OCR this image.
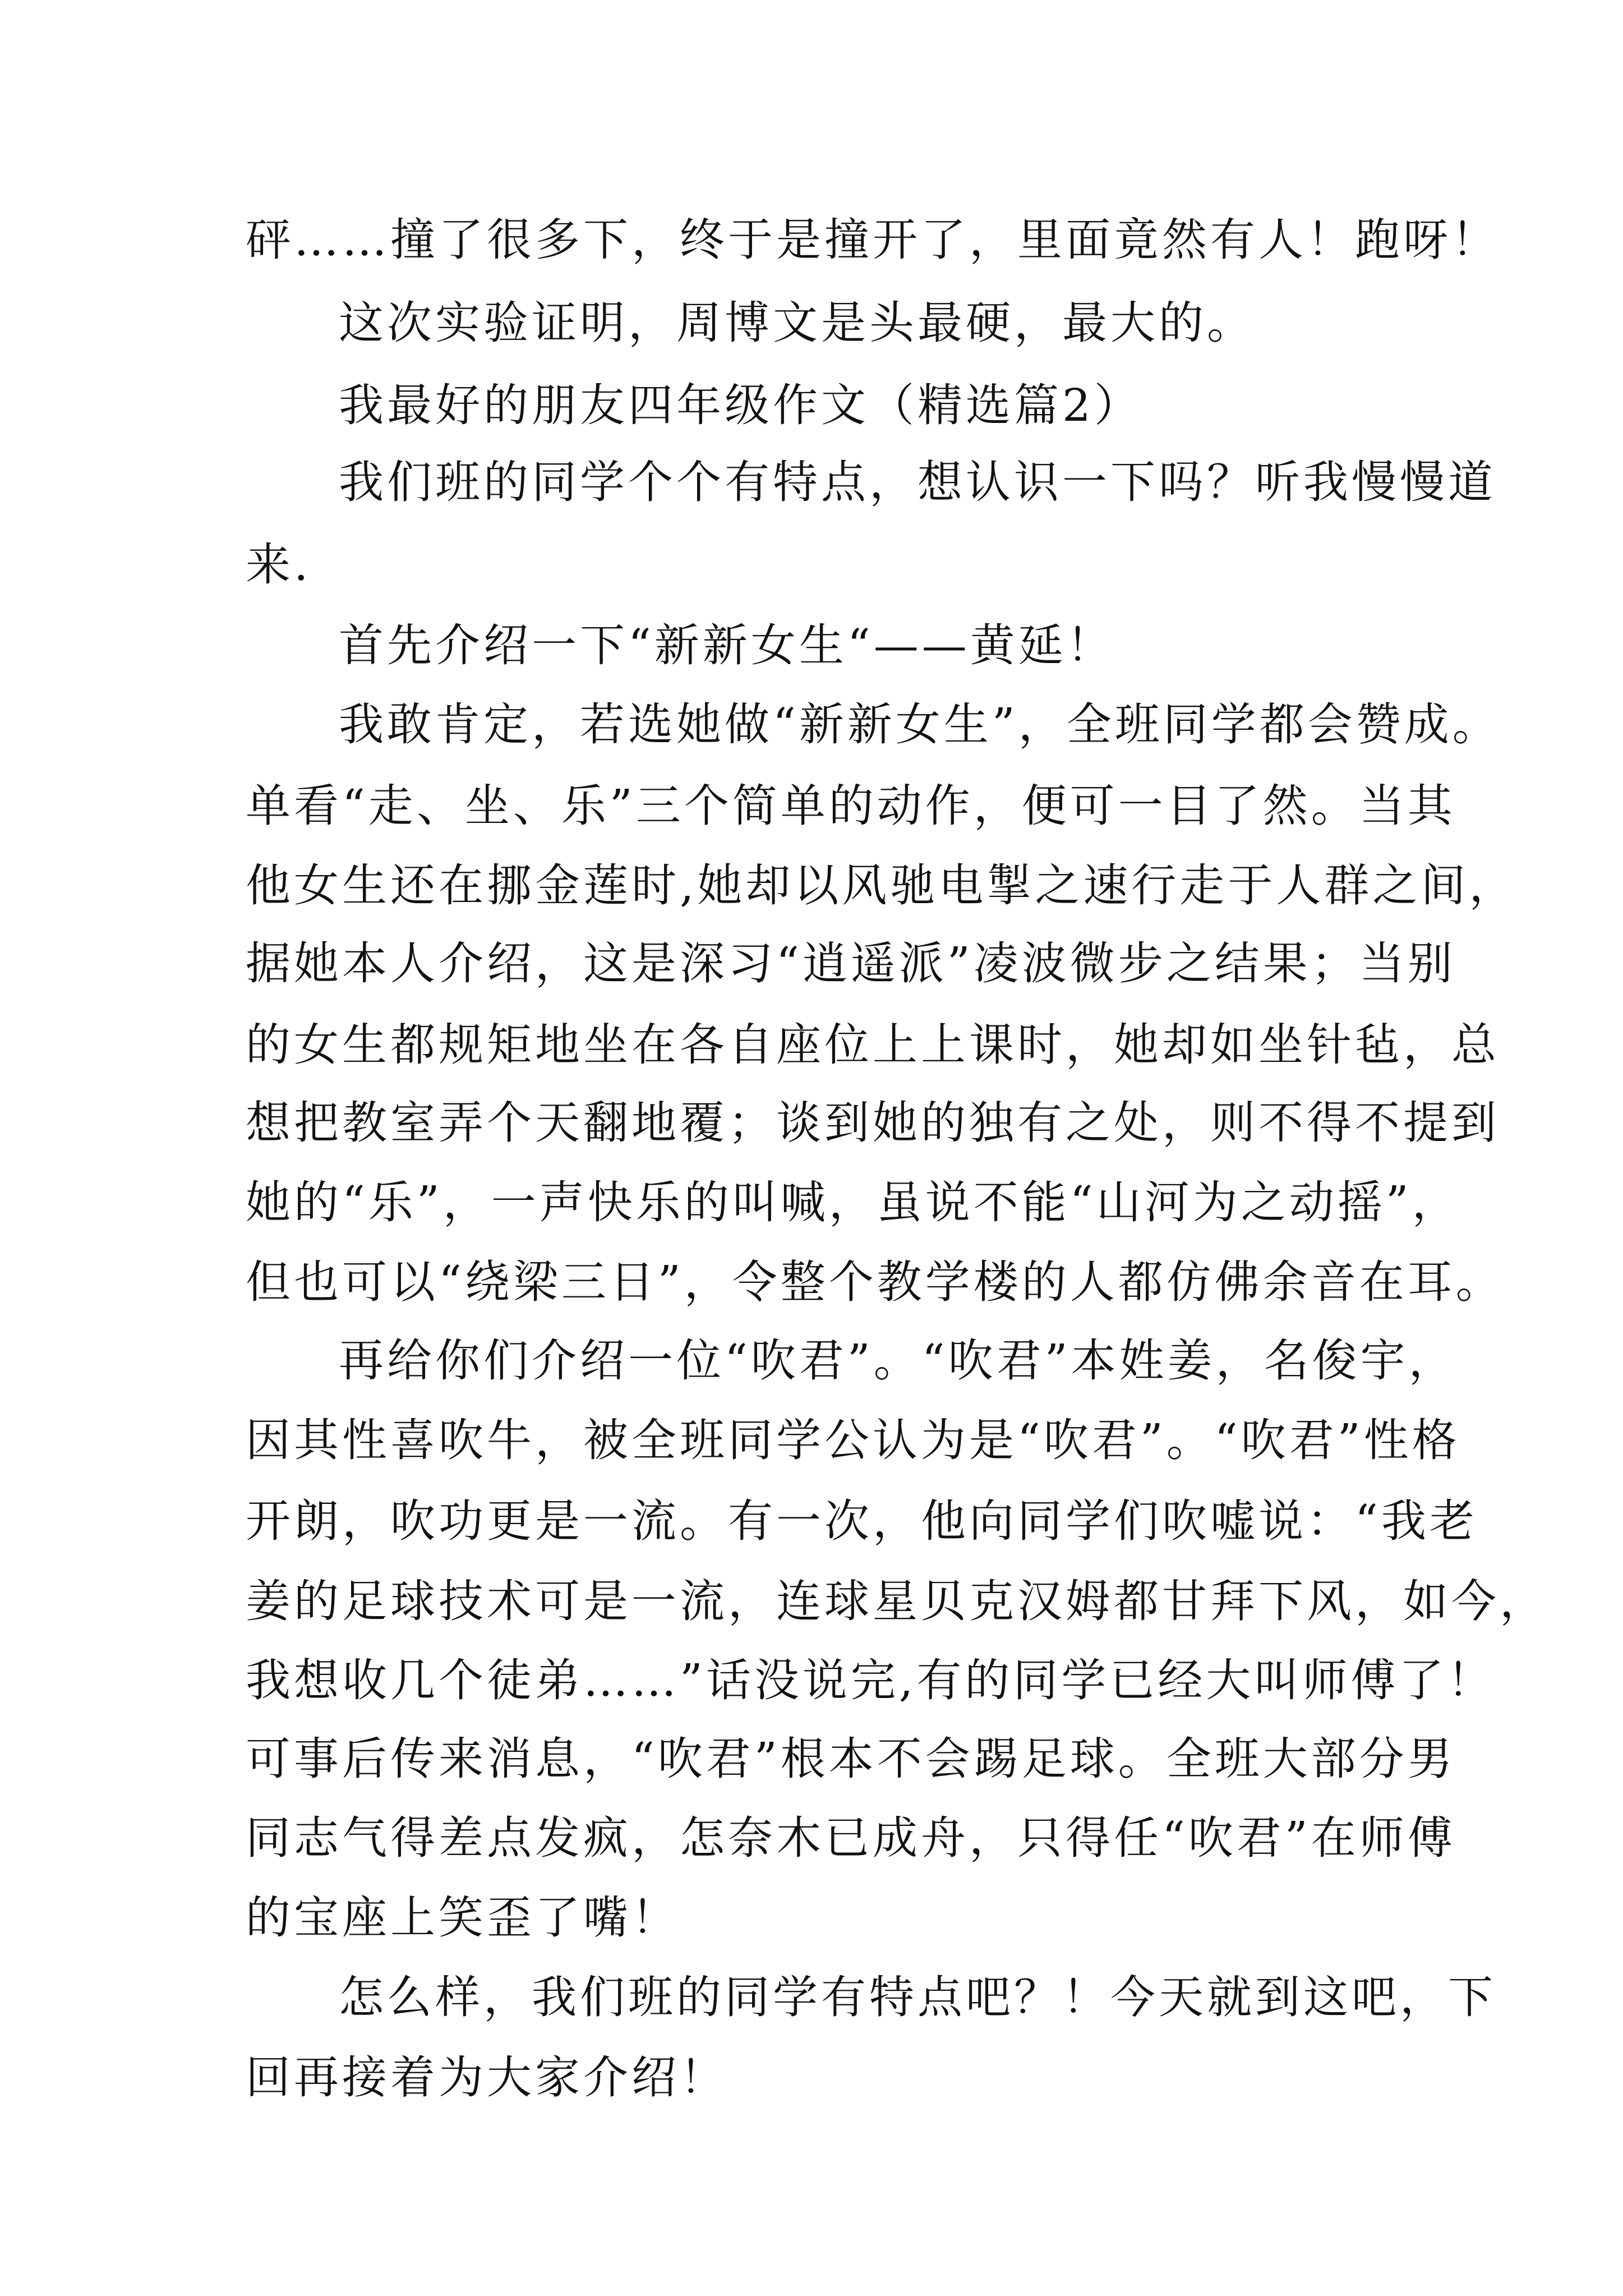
砰……撞了很多下，终于是撞开了，里面竟然有人！跑呀！
这次实验证明，周博文是头最硬，最大的。
我最好的朋友四年级作文（精选篇2）
我们班的同学个个有特点，想认识一下吗？听我慢慢道
来.
首先介绍一下“新新女生“——黄延！
我敢肯定，若选她做“新新女生”，全班同学都会赞成。
单看“走、坐、乐”三个简单的动作，便可一目了然。当其
他女生还在挪金莲时,她却以风驰电掣之速行走于人群之间，
据她本人介绍，这是深习“逍遥派”凌波微步之结果；当别
的女生都规矩地坐在各自座位上上课时，她却如坐针毡，总
想把教室弄个天翻地覆；谈到她的独有之处，则不得不提到
她的“乐”，一声快乐的叫喊，虽说不能“山河为之动摇”，
但也可以“绕梁三日”，令整个教学楼的人都仿佛余音在耳。
再给你们介绍一位“吹君”。“吹君”本姓姜，名俊宇，
因其性喜吹牛，被全班同学公认为是“吹君”。“吹君”性格
开朗，吹功更是一流。有一次，他向同学们吹嘘说：“我老
姜的足球技术可是一流，连球星贝克汉姆都甘拜下风，如今，
我想收几个徒弟……”话没说完,有的同学已经大叫师傅了！
可事后传来消息，“吹君”根本不会踢足球。全班大部分男
同志气得差点发疯，怎奈木已成舟，只得任“吹君”在师傅
的宝座上笑歪了嘴！
怎么样，我们班的同学有特点吧？！今天就到这吧，下
回再接着为大家介绍！
